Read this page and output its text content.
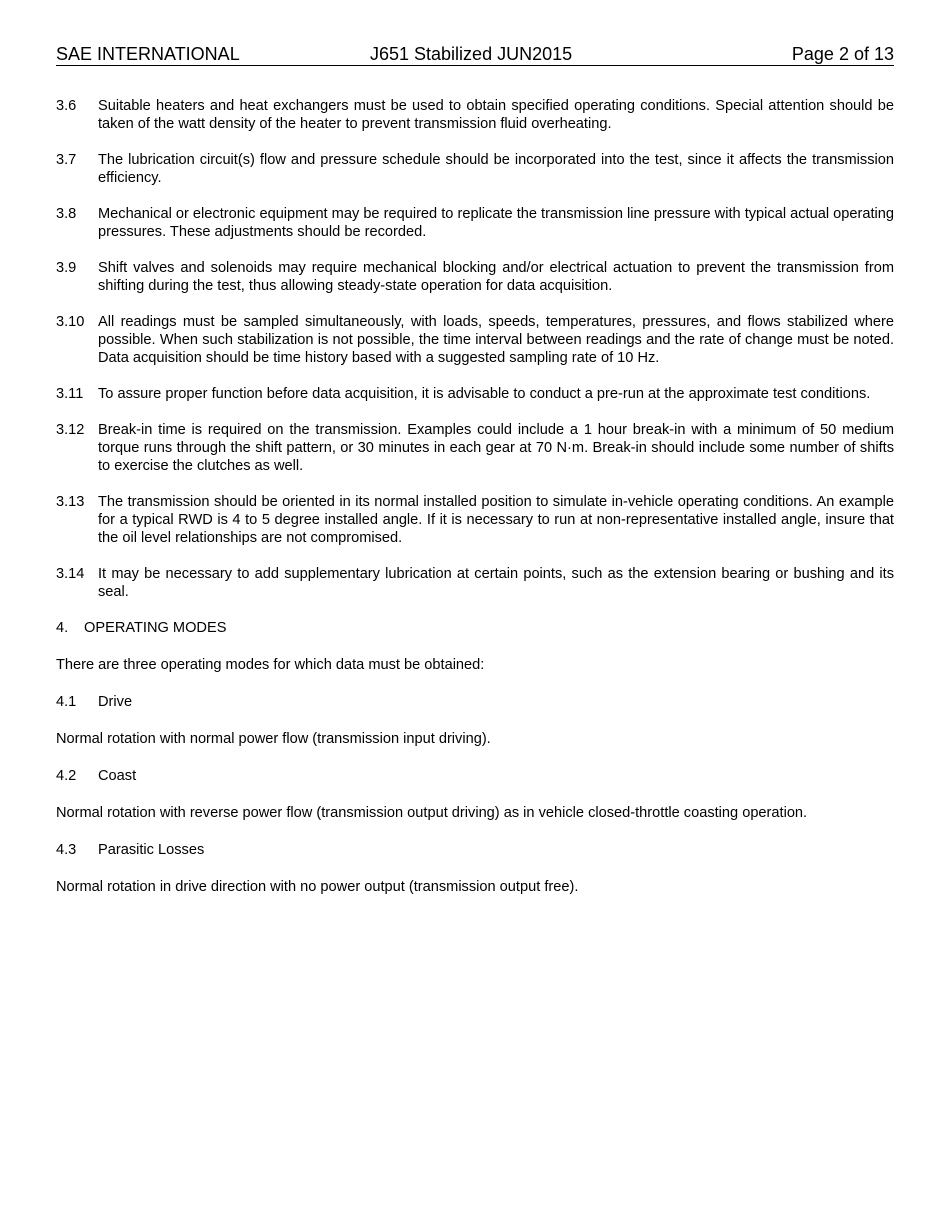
SAE INTERNATIONAL	J651 Stabilized JUN2015	Page 2 of 13
3.6	Suitable heaters and heat exchangers must be used to obtain specified operating conditions. Special attention should be taken of the watt density of the heater to prevent transmission fluid overheating.
3.7	The lubrication circuit(s) flow and pressure schedule should be incorporated into the test, since it affects the transmission efficiency.
3.8	Mechanical or electronic equipment may be required to replicate the transmission line pressure with typical actual operating pressures. These adjustments should be recorded.
3.9	Shift valves and solenoids may require mechanical blocking and/or electrical actuation to prevent the transmission from shifting during the test, thus allowing steady-state operation for data acquisition.
3.10 All readings must be sampled simultaneously, with loads, speeds, temperatures, pressures, and flows stabilized where possible. When such stabilization is not possible, the time interval between readings and the rate of change must be noted. Data acquisition should be time history based with a suggested sampling rate of 10 Hz.
3.11	To assure proper function before data acquisition, it is advisable to conduct a pre-run at the approximate test conditions.
3.12 Break-in time is required on the transmission. Examples could include a 1 hour break-in with a minimum of 50 medium torque runs through the shift pattern, or 30 minutes in each gear at 70 N·m. Break-in should include some number of shifts to exercise the clutches as well.
3.13 The transmission should be oriented in its normal installed position to simulate in-vehicle operating conditions. An example for a typical RWD is 4 to 5 degree installed angle. If it is necessary to run at non-representative installed angle, insure that the oil level relationships are not compromised.
3.14 It may be necessary to add supplementary lubrication at certain points, such as the extension bearing or bushing and its seal.
4. OPERATING MODES
There are three operating modes for which data must be obtained:
4.1	Drive
Normal rotation with normal power flow (transmission input driving).
4.2	Coast
Normal rotation with reverse power flow (transmission output driving) as in vehicle closed-throttle coasting operation.
4.3	Parasitic Losses
Normal rotation in drive direction with no power output (transmission output free).
